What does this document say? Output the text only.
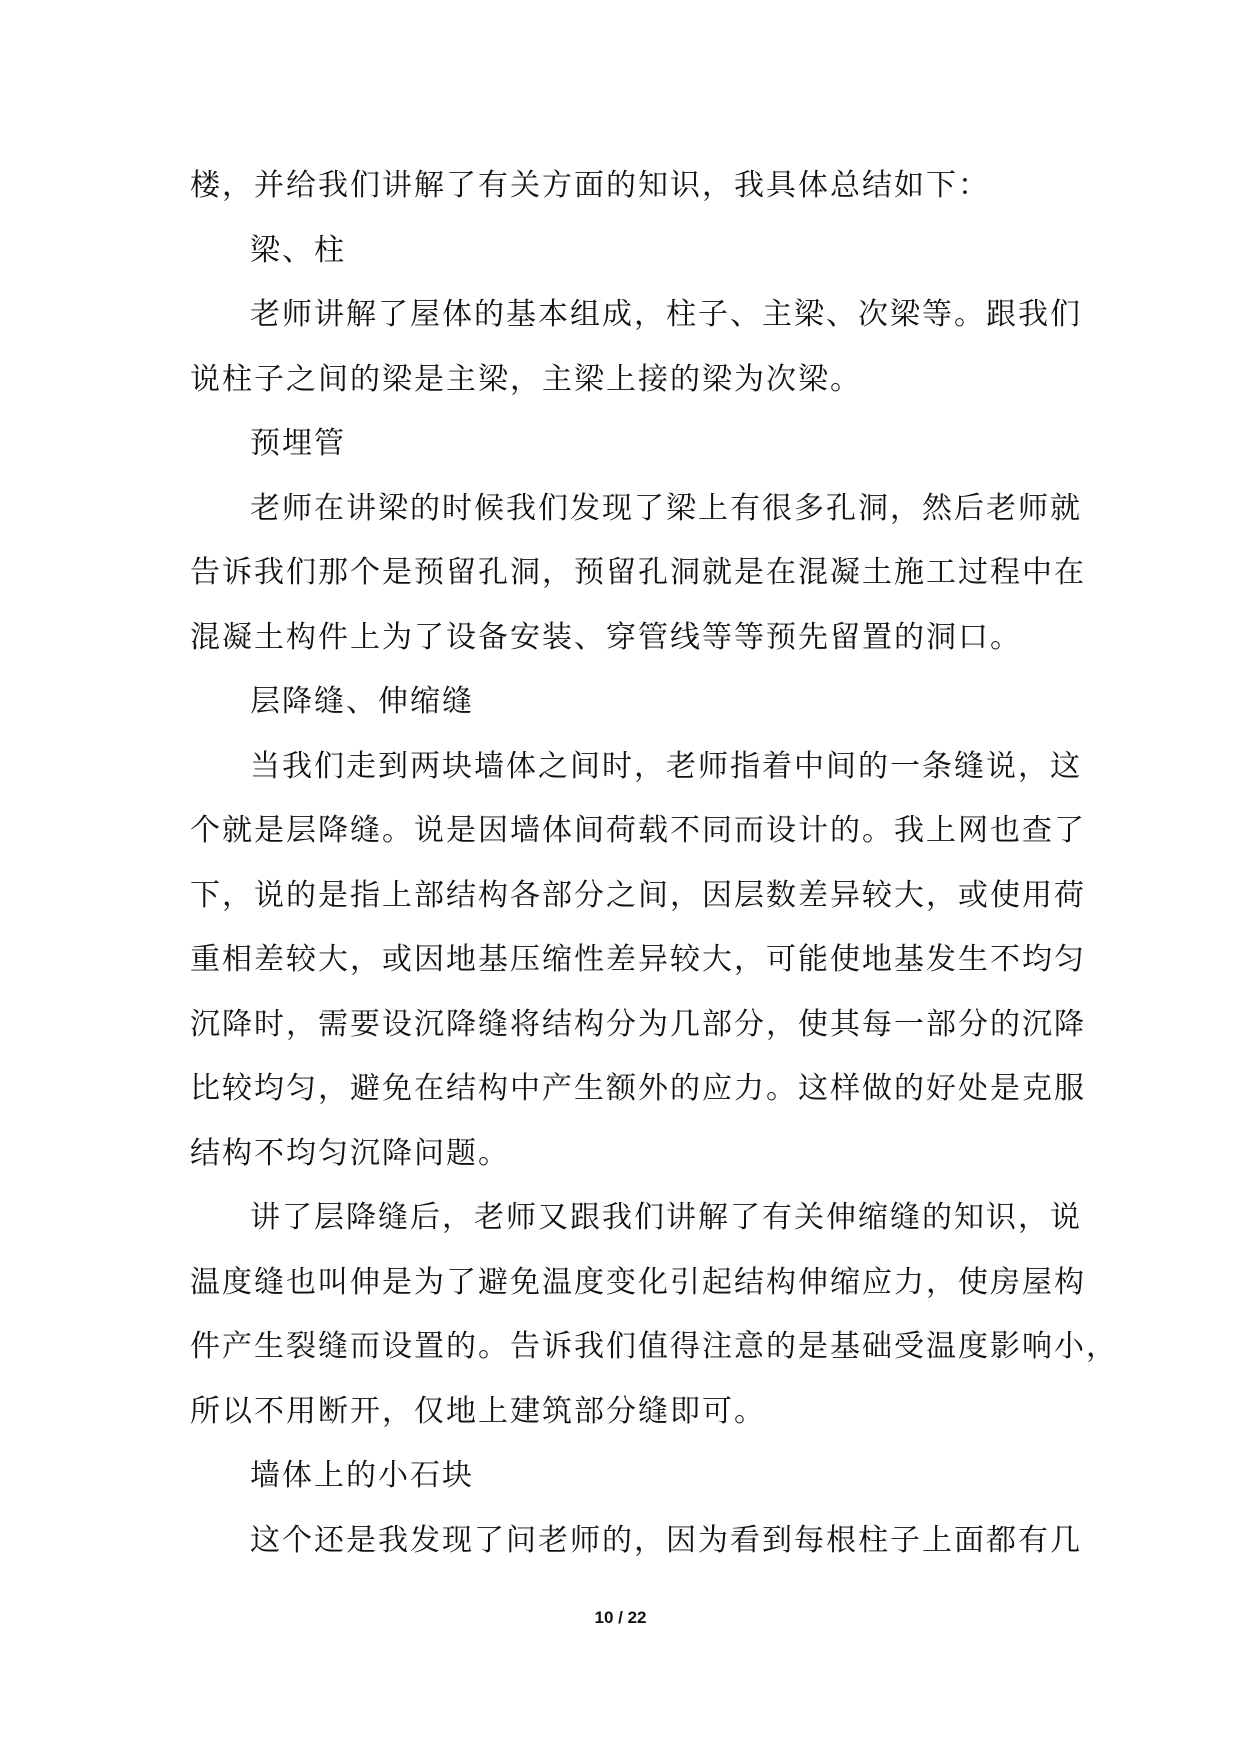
楼，并给我们讲解了有关方面的知识，我具体总结如下：
梁、柱
老师讲解了屋体的基本组成，柱子、主梁、次梁等。跟我们
说柱子之间的梁是主梁，主梁上接的梁为次梁。
预埋管
老师在讲梁的时候我们发现了梁上有很多孔洞，然后老师就
告诉我们那个是预留孔洞，预留孔洞就是在混凝土施工过程中在
混凝土构件上为了设备安装、穿管线等等预先留置的洞口。
层降缝、伸缩缝
当我们走到两块墙体之间时，老师指着中间的一条缝说，这
个就是层降缝。说是因墙体间荷载不同而设计的。我上网也查了
下，说的是指上部结构各部分之间，因层数差异较大，或使用荷
重相差较大，或因地基压缩性差异较大，可能使地基发生不均匀
沉降时，需要设沉降缝将结构分为几部分，使其每一部分的沉降
比较均匀，避免在结构中产生额外的应力。这样做的好处是克服
结构不均匀沉降问题。
讲了层降缝后，老师又跟我们讲解了有关伸缩缝的知识，说
温度缝也叫伸是为了避免温度变化引起结构伸缩应力，使房屋构
件产生裂缝而设置的。告诉我们值得注意的是基础受温度影响小，
所以不用断开，仅地上建筑部分缝即可。
墙体上的小石块
这个还是我发现了问老师的，因为看到每根柱子上面都有几
10 / 22
